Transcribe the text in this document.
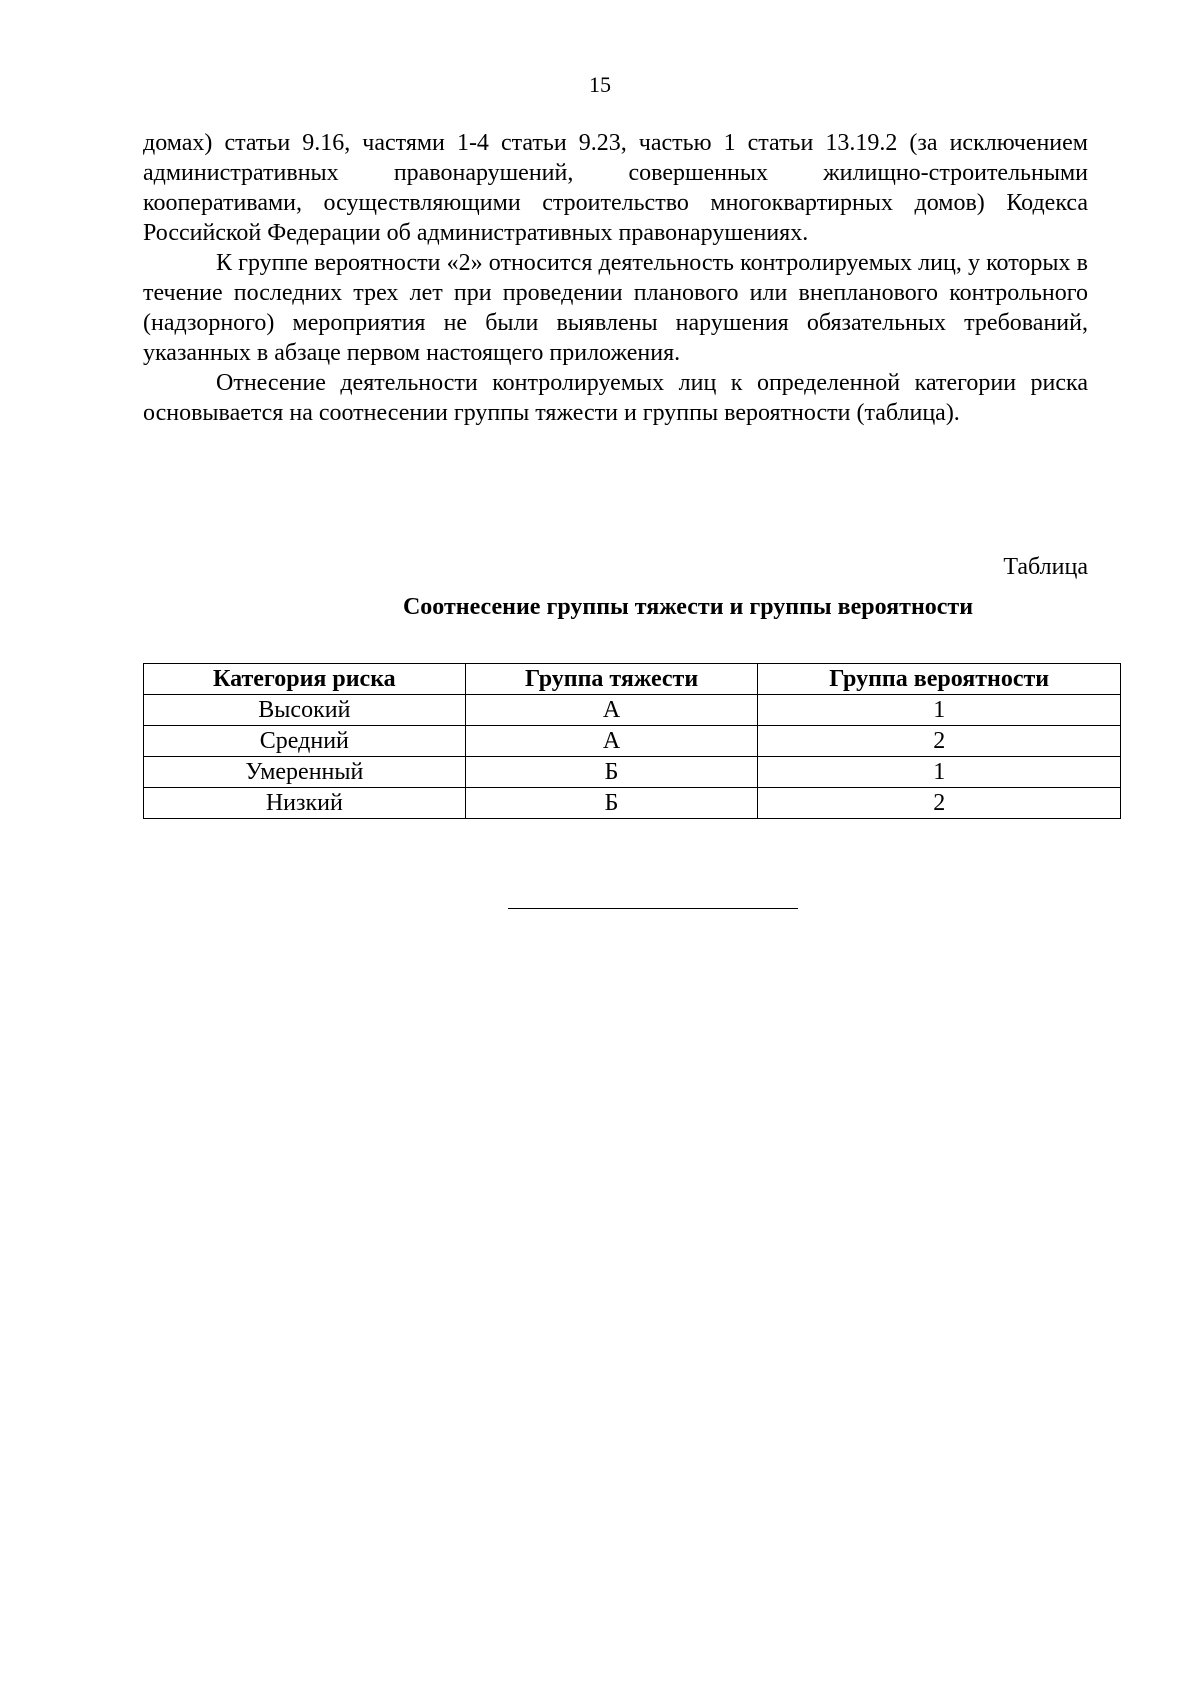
15

домах) статьи 9.16, частями 1-4 статьи 9.23, частью 1 статьи 13.19.2 (за исключением административных правонарушений, совершенных жилищно-строительными кооперативами, осуществляющими строительство многоквартирных домов) Кодекса Российской Федерации об административных правонарушениях.

К группе вероятности «2» относится деятельность контролируемых лиц, у которых в течение последних трех лет при проведении планового или внепланового контрольного (надзорного) мероприятия не были выявлены нарушения обязательных требований, указанных в абзаце первом настоящего приложения.

Отнесение деятельности контролируемых лиц к определенной категории риска основывается на соотнесении группы тяжести и группы вероятности (таблица).

Таблица
Соотнесение группы тяжести и группы вероятности
Категория риска	Группа тяжести	Группа вероятности
Высокий	А	1
Средний	А	2
Умеренный	Б	1
Низкий	Б	2
